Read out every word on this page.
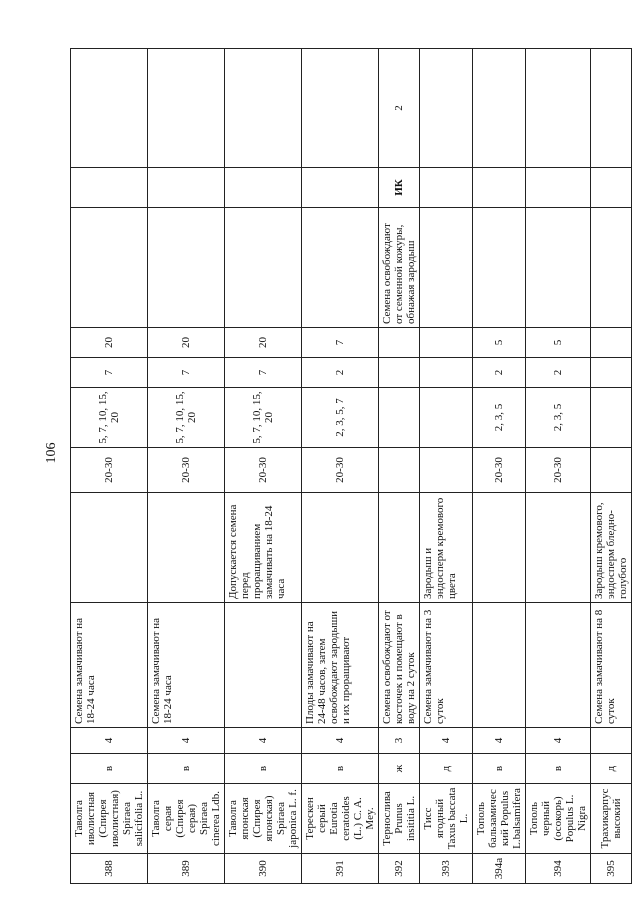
106
388	Таволга иволистная (Спирея иволистная) Spiraea salicifolia L.	в	4	Семена замачивают на 18-24 часа		20-30	5, 7, 10, 15, 20	7	20			
389	Таволга серая (Спирея серая) Spiraea cinerea Ldb.	в	4	Семена замачивают на 18-24 часа		20-30	5, 7, 10, 15, 20	7	20			
390	Таволга японская (Спирея японская) Spiraea japonica L. f.	в	4		Допускается семена перед проращиванием замачивать на 18-24 часа	20-30	5, 7, 10, 15, 20	7	20			
391	Терескен серый Eurotia ceratoides (L.) C. A. Mey.	в	4	Плоды замачивают на 24-48 часов, затем освобождают зародыши и их проращивают		20-30	2, 3, 5, 7	2	7			
392	Тернослива Prunus insititia L.	ж	3	Семена освобождают от косточек и помещают в воду на 2 суток						Семена освобождают от семенной кожуры, обнажая зародыш	ИК	2
393	Тисс ягодный Taxus baccata L.	д	4	Семена замачивают на 3 суток	Зародыш и эндосперм кремового цвета							
394a	Тополь бальзамический Populus L.balsamifera	в	4			20-30	2, 3, 5	2	5			
394	Тополь черный (осокорь) Populus L. Nigra	в	4			20-30	2, 3, 5	2	5			
395	Трахикарпус высокий	д		Семена замачивают на 8 суток	Зародыш кремового, эндосперм бледно-голубого							
